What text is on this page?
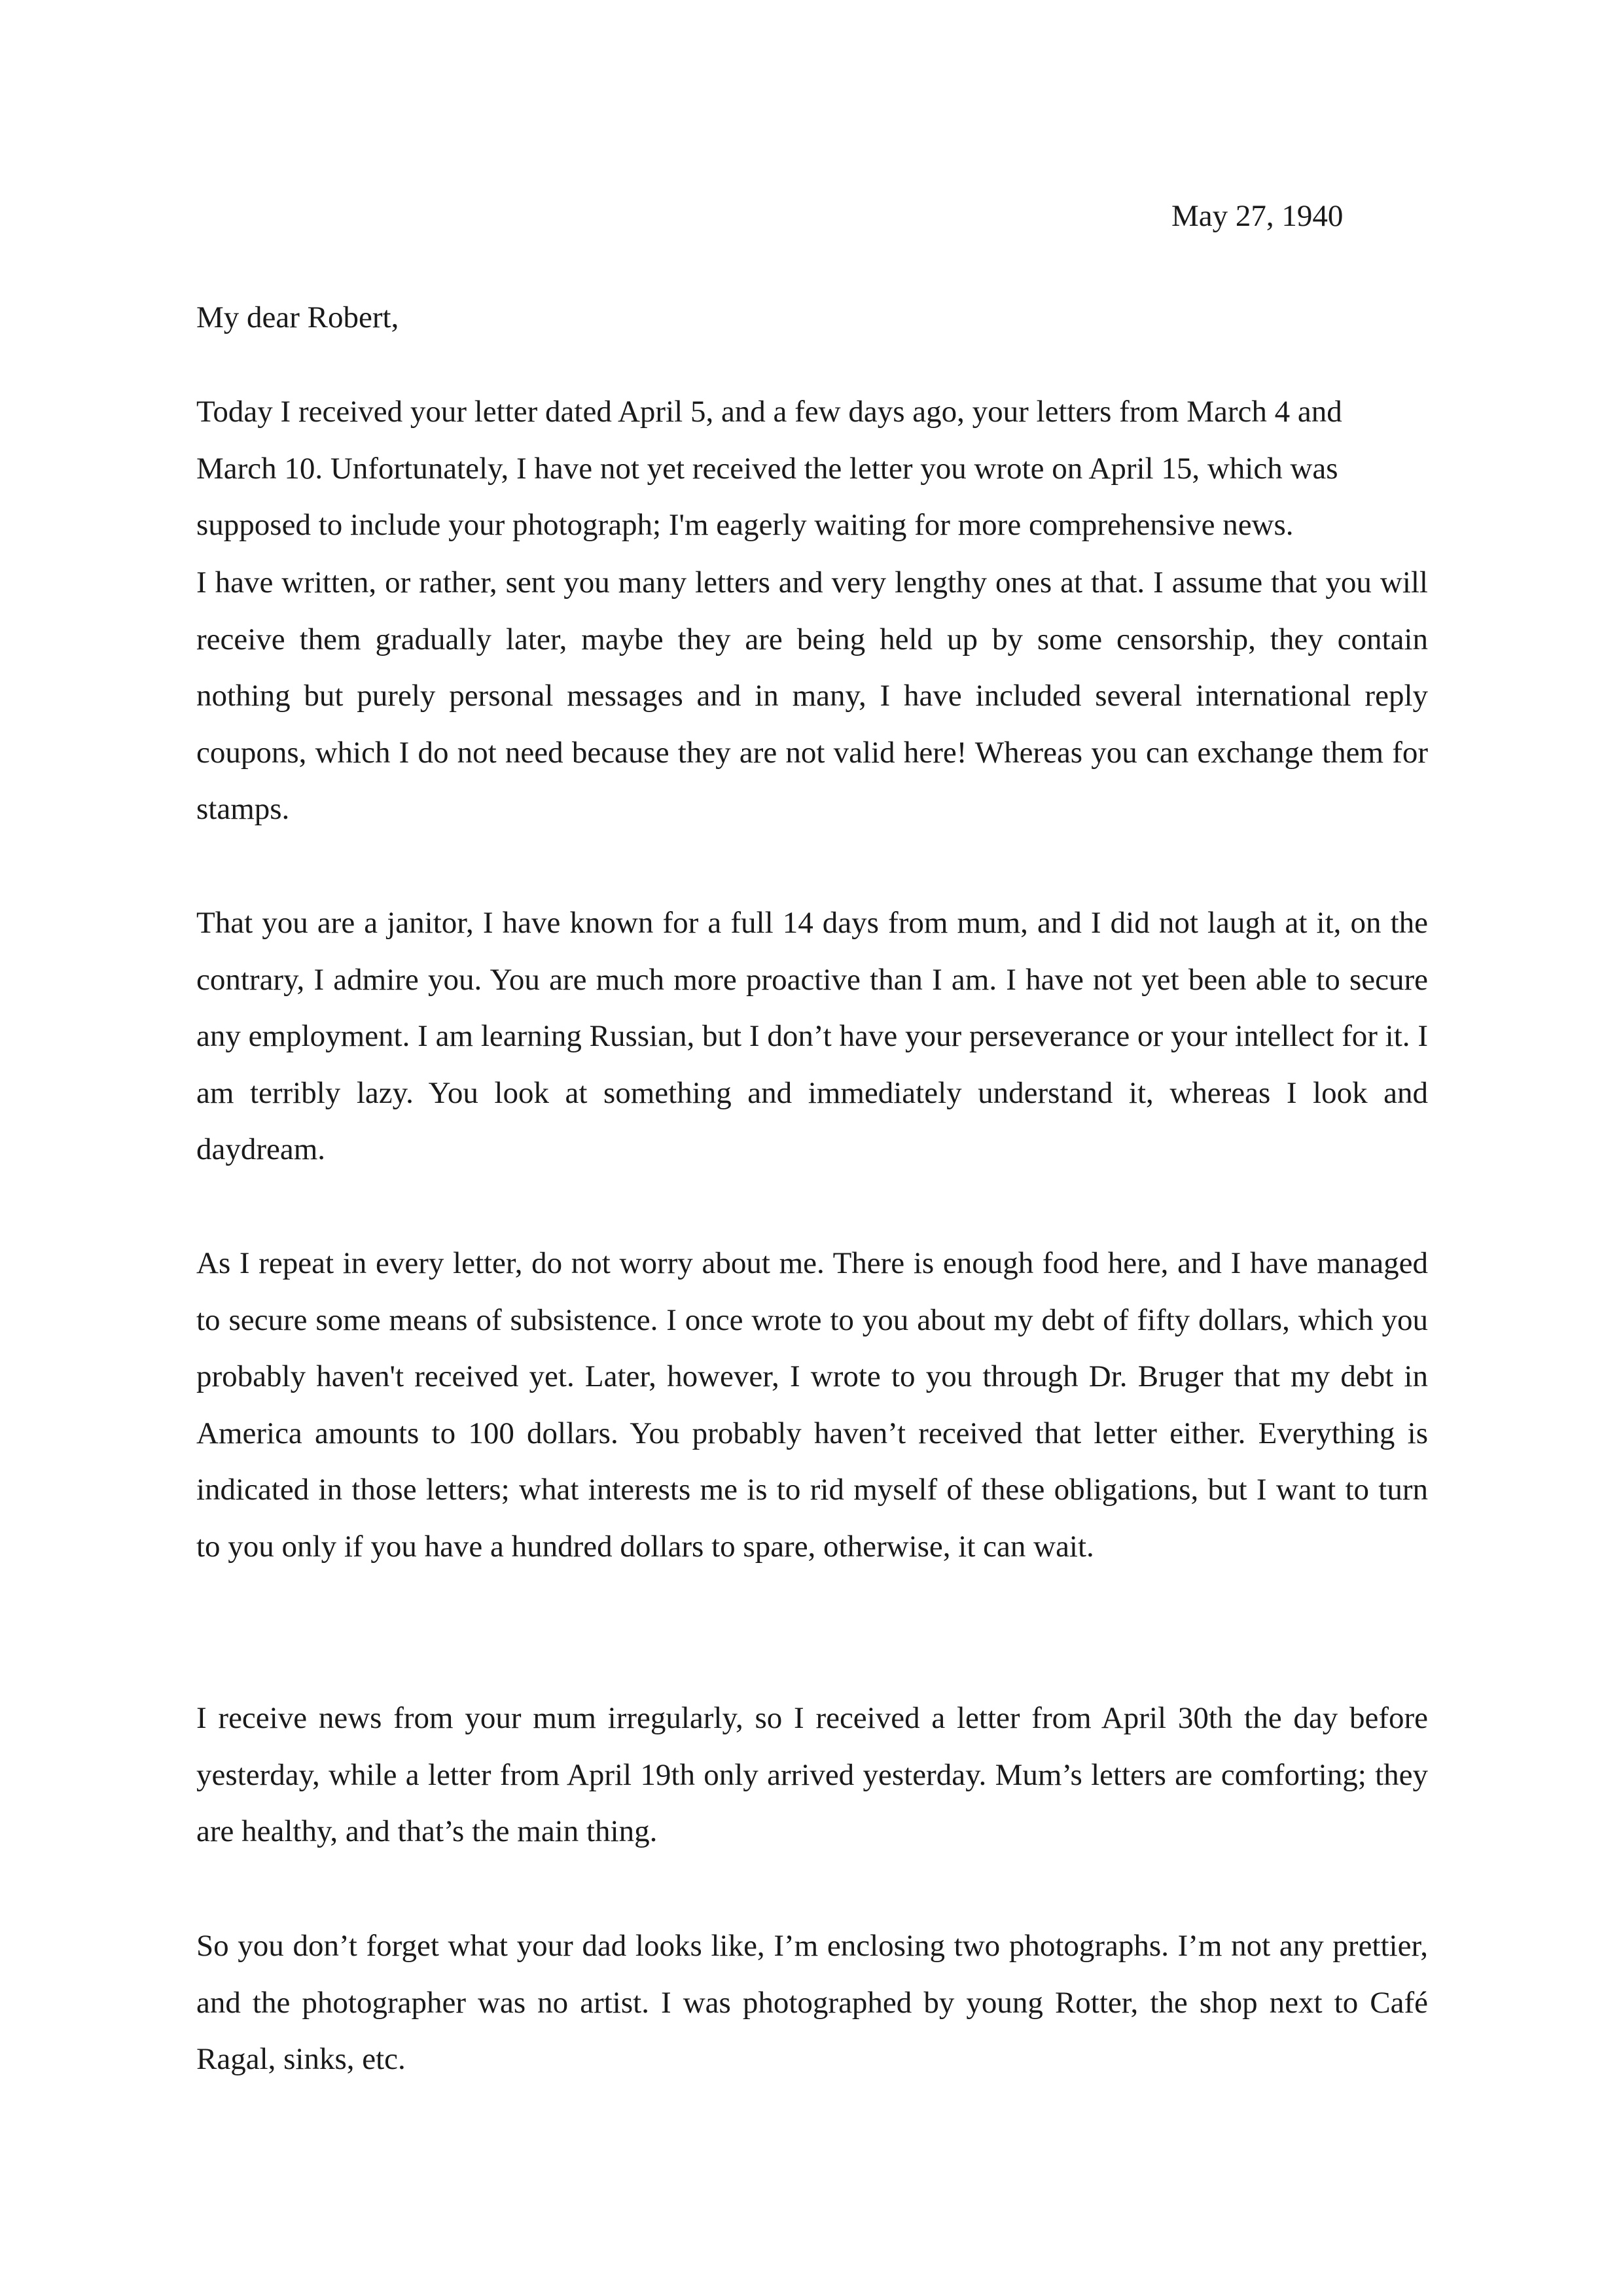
May 27, 1940
My dear Robert,

Today I received your letter dated April 5, and a few days ago, your letters from March 4 and March 10. Unfortunately, I have not yet received the letter you wrote on April 15, which was supposed to include your photograph; I'm eagerly waiting for more comprehensive news.

I have written, or rather, sent you many letters and very lengthy ones at that. I assume that you will receive them gradually later, maybe they are being held up by some censorship, they contain nothing but purely personal messages and in many, I have included several international reply coupons, which I do not need because they are not valid here! Whereas you can exchange them for stamps.

That you are a janitor, I have known for a full 14 days from mum, and I did not laugh at it, on the contrary, I admire you. You are much more proactive than I am. I have not yet been able to secure any employment. I am learning Russian, but I don’t have your perseverance or your intellect for it. I am terribly lazy. You look at something and immediately understand it, whereas I look and daydream.

As I repeat in every letter, do not worry about me. There is enough food here, and I have managed to secure some means of subsistence. I once wrote to you about my debt of fifty dollars, which you probably haven't received yet. Later, however, I wrote to you through Dr. Bruger that my debt in America amounts to 100 dollars. You probably haven’t received that letter either. Everything is indicated in those letters; what interests me is to rid myself of these obligations, but I want to turn to you only if you have a hundred dollars to spare, otherwise, it can wait.

I receive news from your mum irregularly, so I received a letter from April 30th the day before yesterday, while a letter from April 19th only arrived yesterday. Mum’s letters are comforting; they are healthy, and that’s the main thing.

So you don’t forget what your dad looks like, I’m enclosing two photographs. I’m not any prettier, and the photographer was no artist. I was photographed by young Rotter, the shop next to Café Ragal, sinks, etc.
